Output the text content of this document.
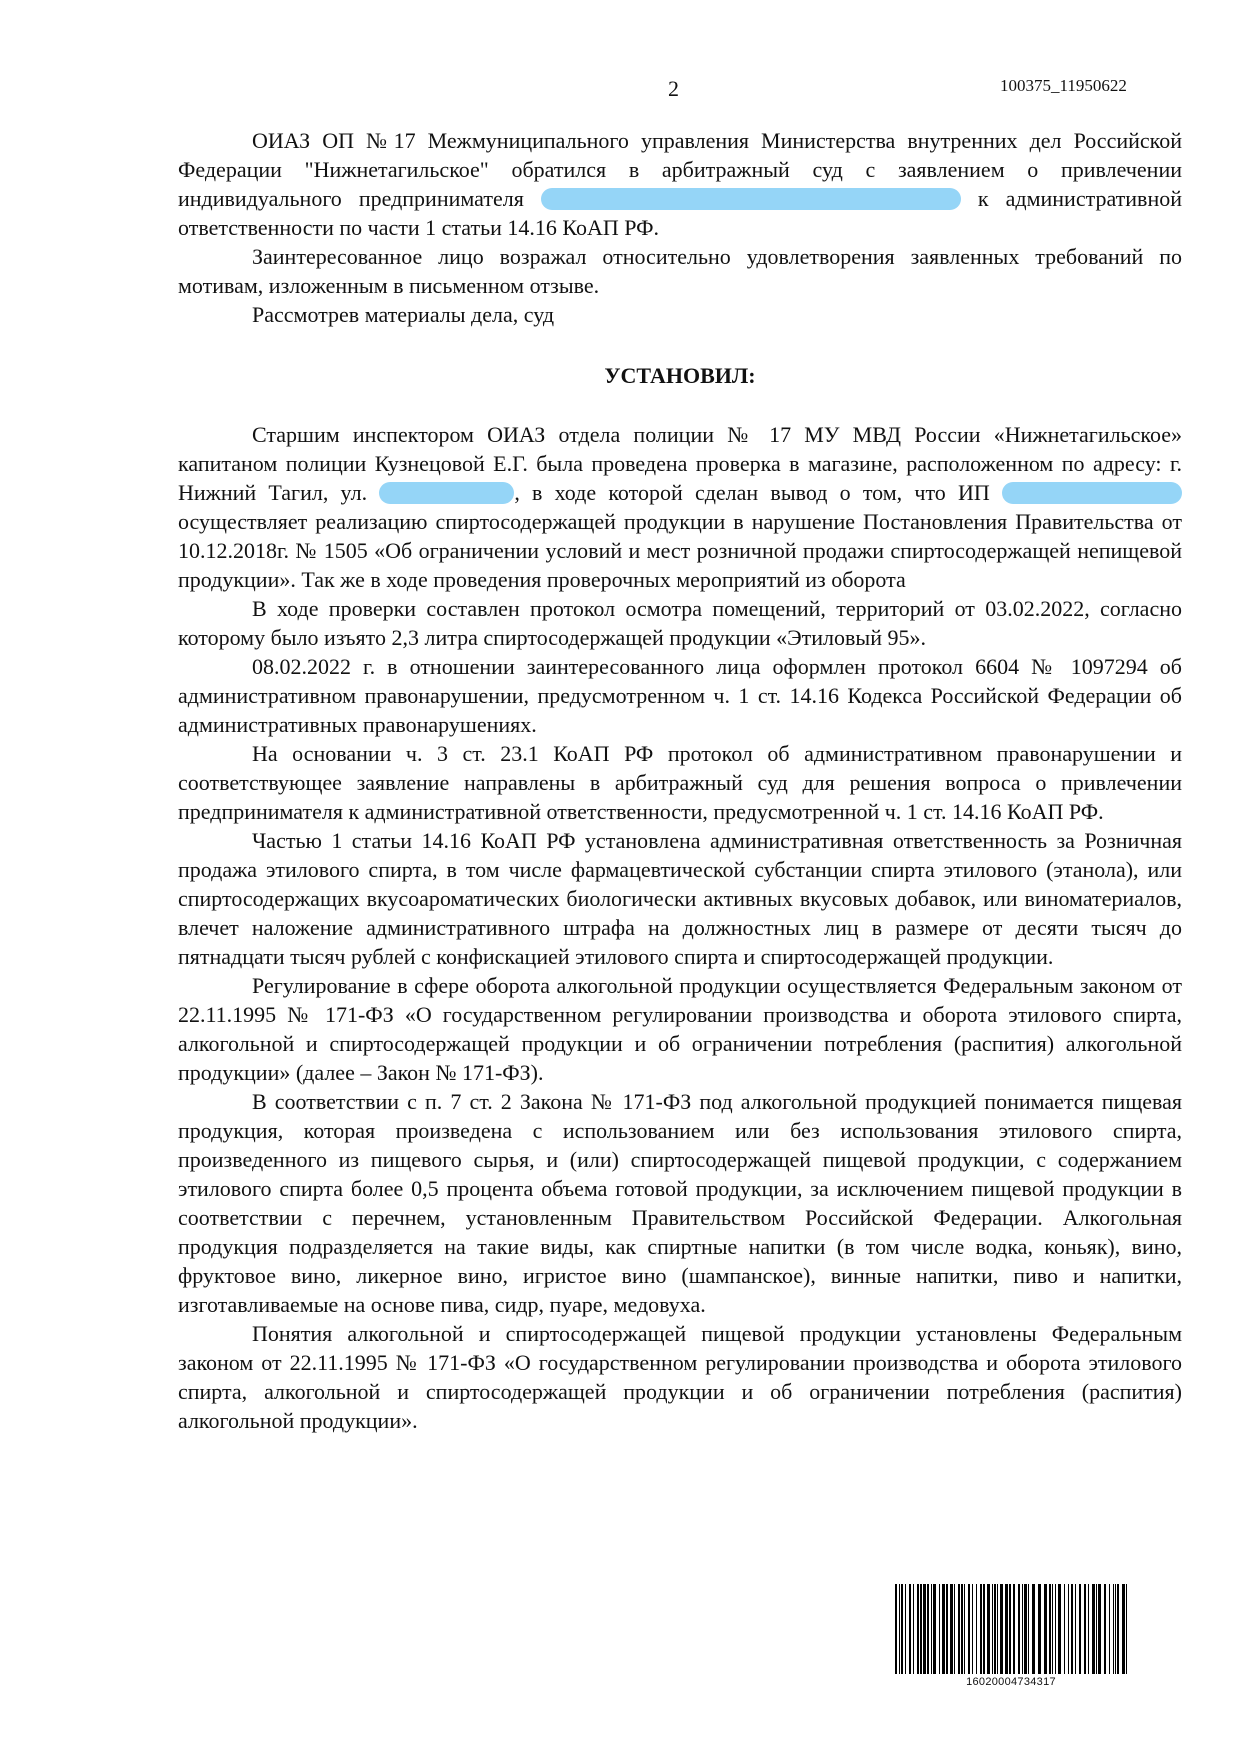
2	100375_11950622

ОИАЗ ОП №17 Межмуниципального управления Министерства внутренних дел Российской Федерации "Нижнетагильское" обратился в арбитражный суд с заявлением о привлечении индивидуального предпринимателя	к административной ответственности по части 1 статьи 14.16 КоАП РФ.

Заинтересованное лицо возражал относительно удовлетворения заявленных требований по мотивам, изложенным в письменном отзыве.

Рассмотрев материалы дела, суд

УСТАНОВИЛ:

Старшим инспектором ОИАЗ отдела полиции № 17 МУ МВД России «Нижнетагильское» капитаном полиции Кузнецовой Е.Г. была проведена проверка в магазине, расположенном по адресу: г. Нижний Тагил, ул.	, в ходе которой сделан вывод о том, что ИП  осуществляет реализацию спиртосодержащей продукции в нарушение Постановления Правительства от 10.12.2018г. № 1505 «Об ограничении условий и мест розничной продажи спиртосодержащей непищевой продукции». Так же в ходе проведения проверочных мероприятий из оборота

В ходе проверки составлен протокол осмотра помещений, территорий от 03.02.2022, согласно которому было изъято 2,3 литра спиртосодержащей продукции «Этиловый 95».

08.02.2022 г. в отношении заинтересованного лица оформлен протокол 6604 № 1097294 об административном правонарушении, предусмотренном ч. 1 ст. 14.16 Кодекса Российской Федерации об административных правонарушениях.

На основании ч. 3 ст. 23.1 КоАП РФ протокол об административном правонарушении и соответствующее заявление направлены в арбитражный суд для решения вопроса о привлечении предпринимателя к административной ответственности, предусмотренной ч. 1 ст. 14.16 КоАП РФ.

Частью 1 статьи 14.16 КоАП РФ установлена административная ответственность за Розничная продажа этилового спирта, в том числе фармацевтической субстанции спирта этилового (этанола), или спиртосодержащих вкусоароматических биологически активных вкусовых добавок, или виноматериалов, влечет наложение административного штрафа на должностных лиц в размере от десяти тысяч до пятнадцати тысяч рублей с конфискацией этилового спирта и спиртосодержащей продукции.

Регулирование в сфере оборота алкогольной продукции осуществляется Федеральным законом от 22.11.1995 № 171-ФЗ «О государственном регулировании производства и оборота этилового спирта, алкогольной и спиртосодержащей продукции и об ограничении потребления (распития) алкогольной продукции» (далее – Закон № 171-ФЗ).

В соответствии с п. 7 ст. 2 Закона № 171-ФЗ под алкогольной продукцией понимается пищевая продукция, которая произведена с использованием или без использования этилового спирта, произведенного из пищевого сырья, и (или) спиртосодержащей пищевой продукции, с содержанием этилового спирта более 0,5 процента объема готовой продукции, за исключением пищевой продукции в соответствии с перечнем, установленным Правительством Российской Федерации. Алкогольная продукция подразделяется на такие виды, как спиртные напитки (в том числе водка, коньяк), вино, фруктовое вино, ликерное вино, игристое вино (шампанское), винные напитки, пиво и напитки, изготавливаемые на основе пива, сидр, пуаре, медовуха.

Понятия алкогольной и спиртосодержащей пищевой продукции установлены Федеральным законом от 22.11.1995 № 171-ФЗ «О государственном регулировании производства и оборота этилового спирта, алкогольной и спиртосодержащей продукции и об ограничении потребления (распития) алкогольной продукции».

16020004734317
